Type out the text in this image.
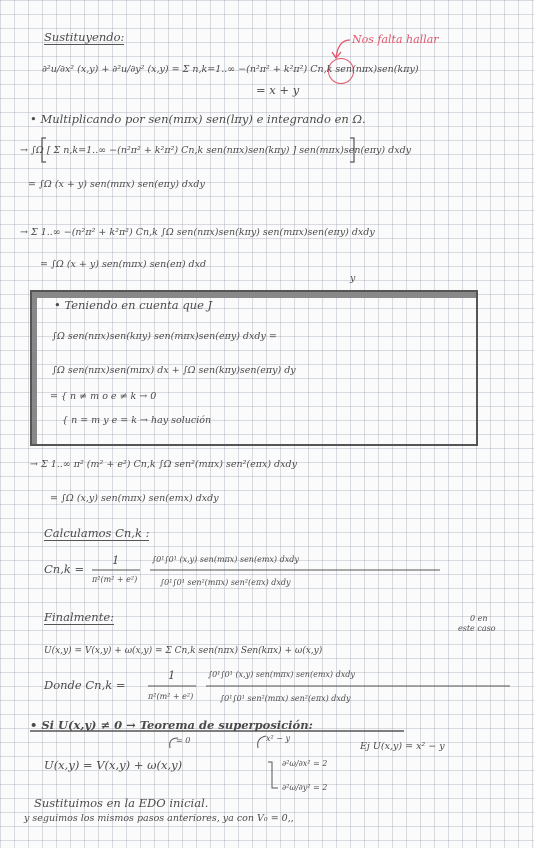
Sustituyendo:	Nos falta hallar
∂²u/∂x² (x,y) + ∂²u/∂y² (x,y) = Σ n,k=1..∞ −(n²π² + k²π²) Cn,k sen(nπx)sen(kπy)
= x + y
• Multiplicando por sen(mπx) sen(lπy) e integrando en Ω.
→ ∫Ω [ Σ n,k=1..∞ −(n²π² + k²π²) Cn,k sen(nπx)sen(kπy) ] sen(mπx)sen(eπy) dxdy
= ∫Ω (x + y) sen(mπx) sen(eπy) dxdy
→ Σ 1..∞ −(n²π² + k²π²) Cn,k ∫Ω sen(nπx)sen(kπy) sen(mπx)sen(eπy) dxdy
= ∫Ω (x + y) sen(mπx) sen(eπ) dxd
y
• Teniendo en cuenta que J
∫Ω sen(nπx)sen(kπy) sen(mπx)sen(eπy) dxdy =
∫Ω sen(nπx)sen(mπx) dx + ∫Ω sen(kπy)sen(eπy) dy
= { n ≠ m o e ≠ k → 0
{ n = m y e = k → hay solución
→ Σ 1..∞ π² (m² + e²) Cn,k ∫Ω sen²(mπx) sen²(eπx) dxdy
= ∫Ω (x,y) sen(mπx) sen(emx) dxdy
Calculamos Cn,k :
Cn,k =
1
π²(m² + e²)
∫0¹∫0¹ (x,y) sen(mπx) sen(emx) dxdy
∫0¹∫0¹ sen²(mπx) sen²(eπx) dxdy
Finalmente:	0 en
este caso
U(x,y) = V(x,y) + ω(x,y) = Σ Cn,k sen(nπx) Sen(kπx) + ω(x,y)
Donde Cn,k =
1
π²(m² + e²)
∫0¹∫0¹ (x,y) sen(mπx) sen(emx) dxdy
∫0¹∫0¹ sen²(mπx) sen²(eπx) dxdy
• Si U(x,y) ≠ 0 → Teorema de superposición:
= 0	x² − y
Ej U(x,y) = x² − y
U(x,y) = V(x,y) + ω(x,y)	∂²ω/∂x² = 2
∂²ω/∂y² = 2
Sustituimos en la EDO inicial.
y seguimos los mismos pasos anteriores, ya con V₀ = 0,,
